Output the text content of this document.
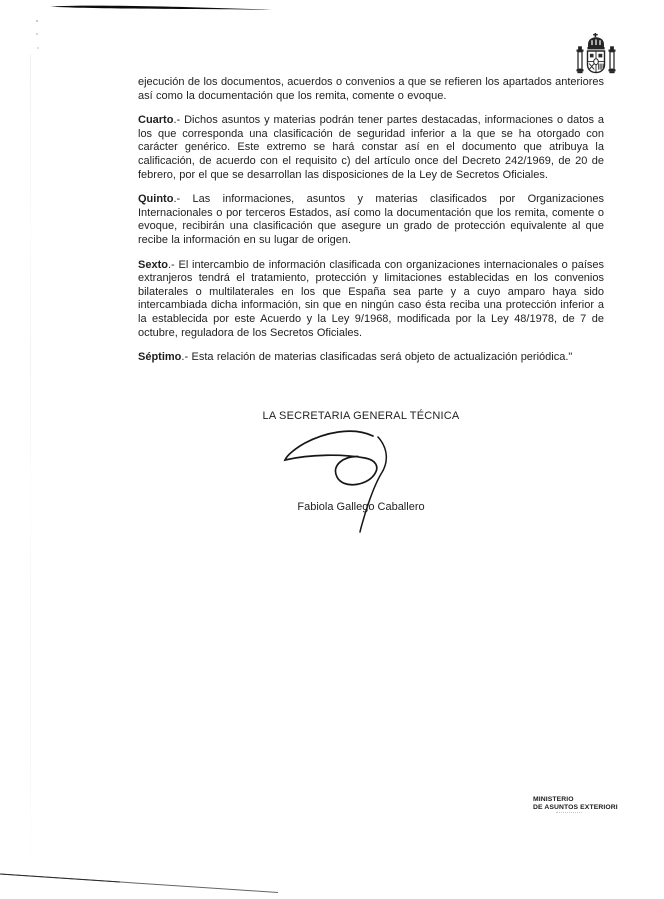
ejecución de los documentos, acuerdos o convenios a que se refieren los apartados anteriores así como la documentación que los remita, comente o evoque.

Cuarto.- Dichos asuntos y materias podrán tener partes destacadas, informaciones o datos a los que corresponda una clasificación de seguridad inferior a la que se ha otorgado con carácter genérico. Este extremo se hará constar así en el documento que atribuya la calificación, de acuerdo con el requisito c) del artículo once del Decreto 242/1969, de 20 de febrero, por el que se desarrollan las disposiciones de la Ley de Secretos Oficiales.

Quinto.- Las informaciones, asuntos y materias clasificados por Organizaciones Internacionales o por terceros Estados, así como la documentación que los remita, comente o evoque, recibirán una clasificación que asegure un grado de protección equivalente al que recibe la información en su lugar de origen.

Sexto.- El intercambio de información clasificada con organizaciones internacionales o países extranjeros tendrá el tratamiento, protección y limitaciones establecidas en los convenios bilaterales o multilaterales en los que España sea parte y a cuyo amparo haya sido intercambiada dicha información, sin que en ningún caso ésta reciba una protección inferior a la establecida por este Acuerdo y la Ley 9/1968, modificada por la Ley 48/1978, de 7 de octubre, reguladora de los Secretos Oficiales.

Séptimo.- Esta relación de materias clasificadas será objeto de actualización periódica."

LA SECRETARIA GENERAL TÉCNICA
Fabiola Gallego Caballero
MINISTERIO
DE ASUNTOS EXTERIORI
